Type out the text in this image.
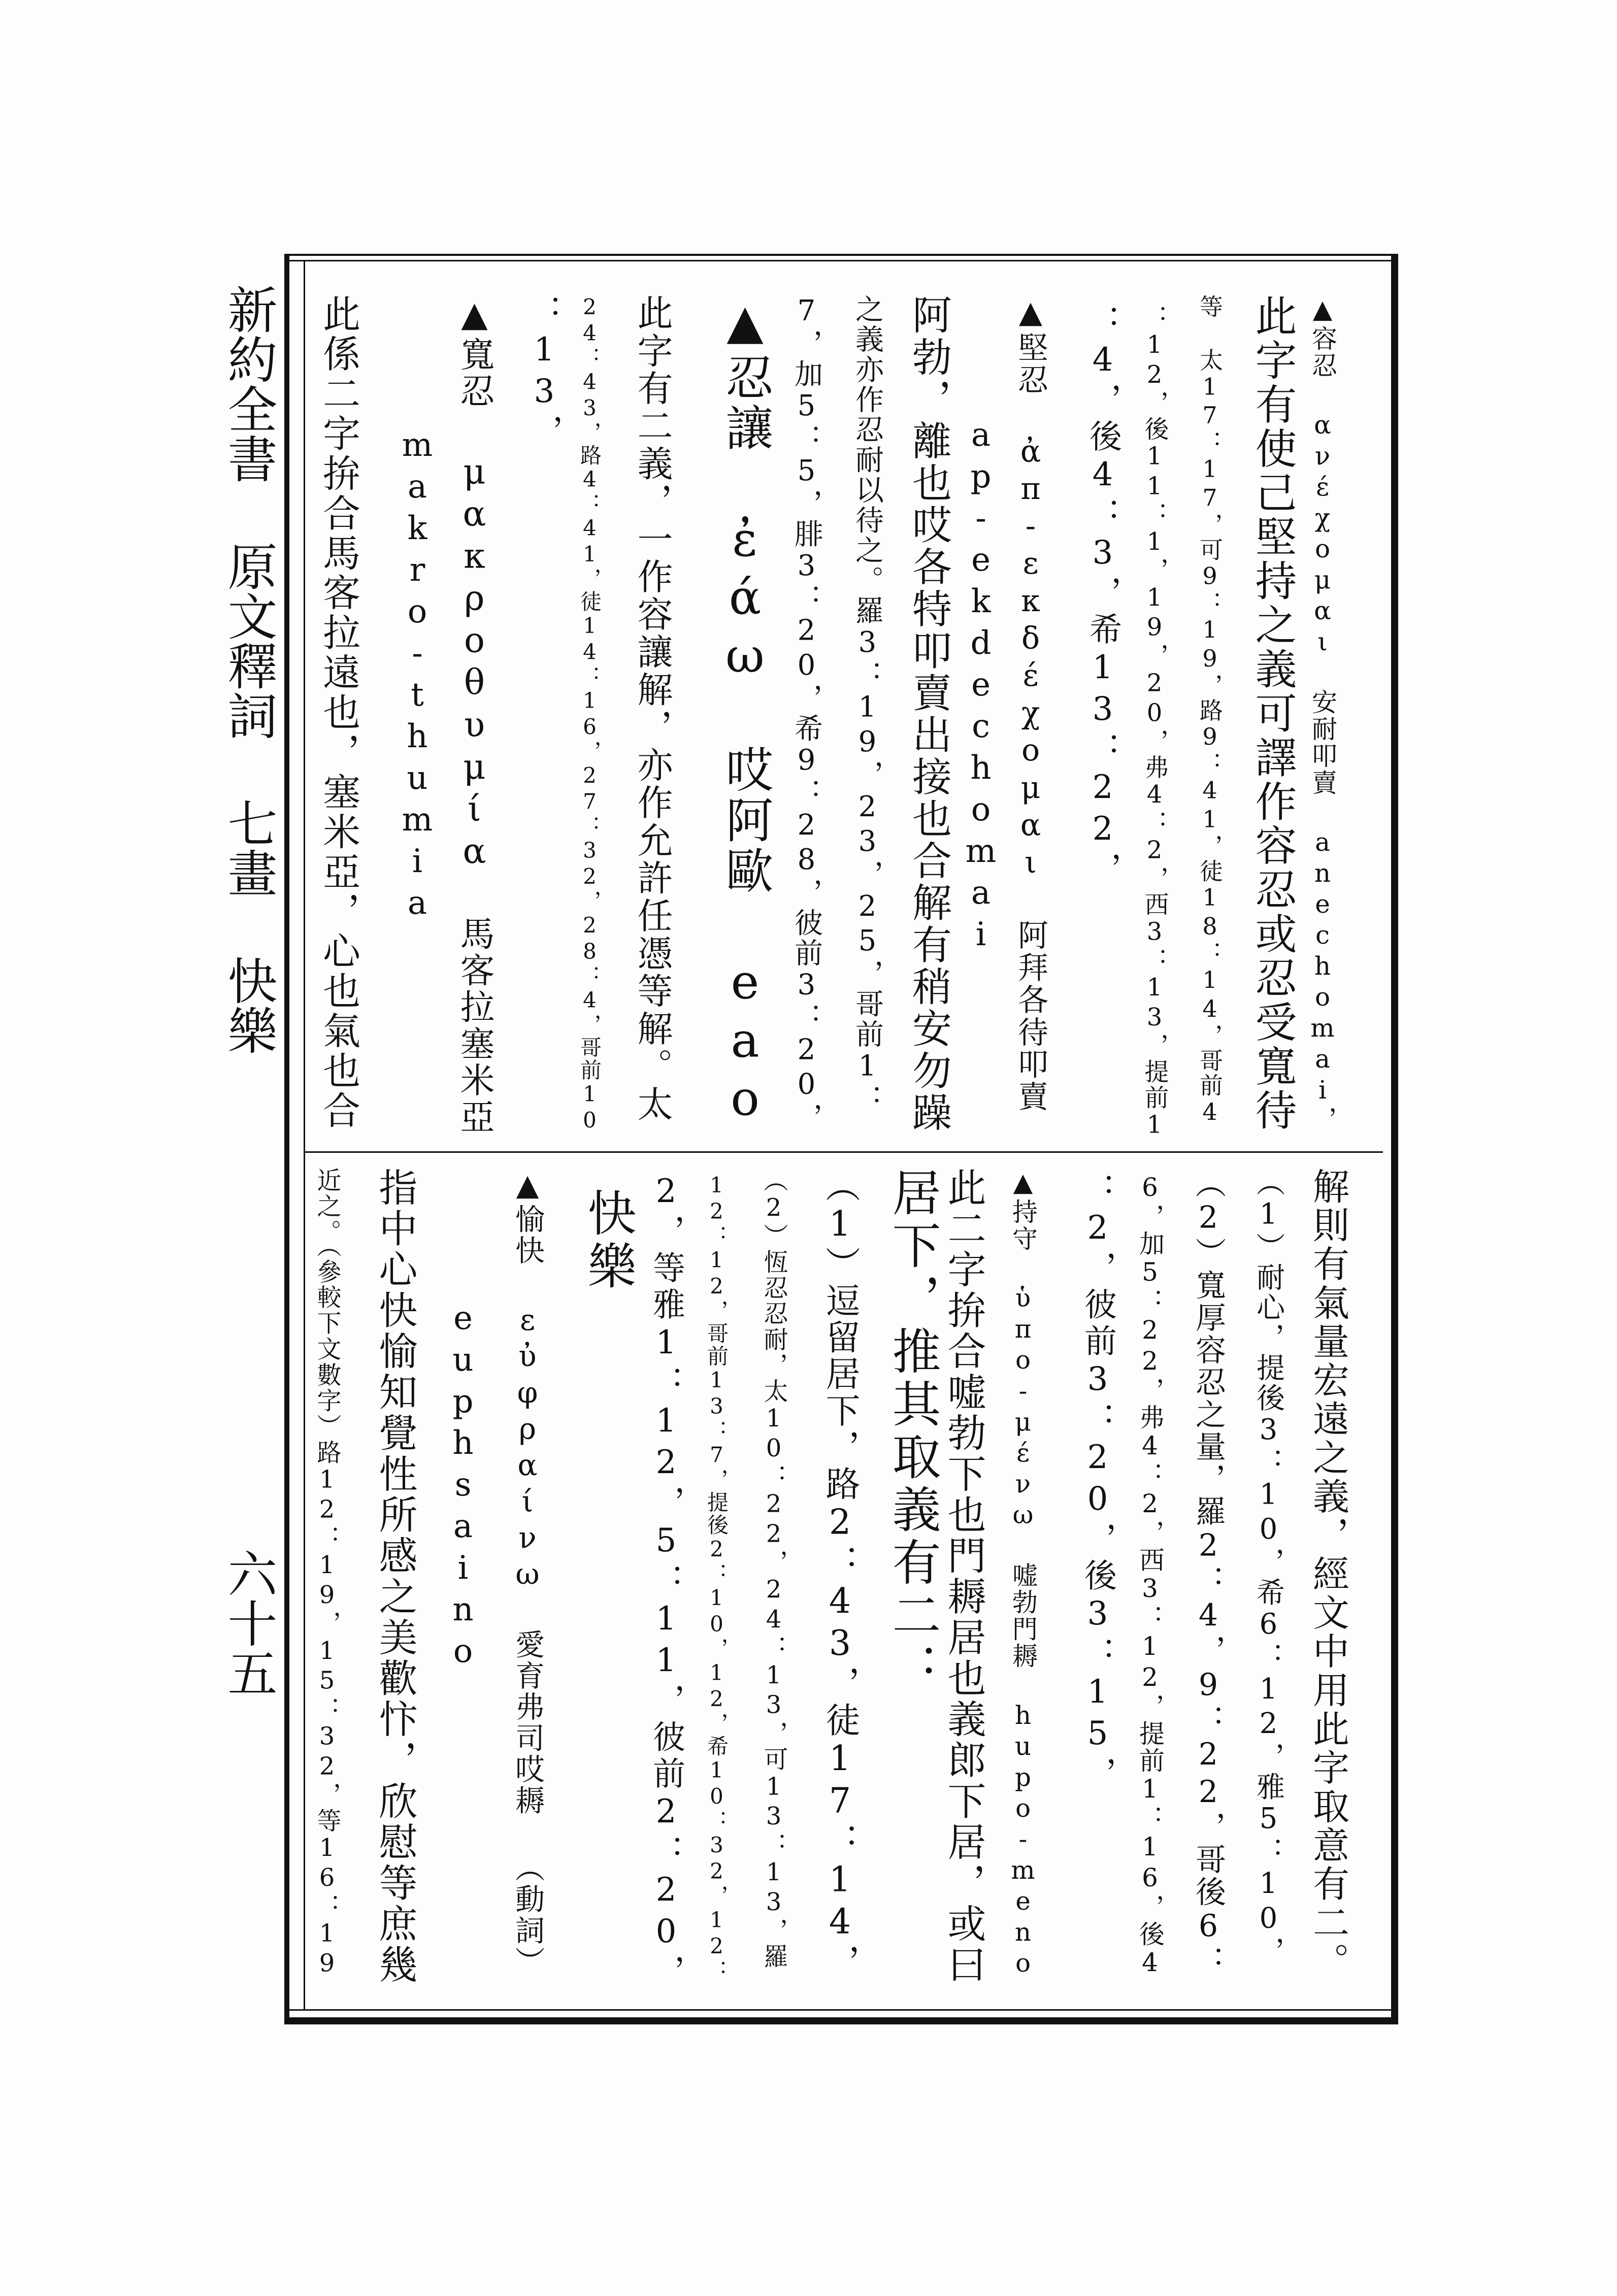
新約全書 原文釋詞 七畫 快樂
六十五
▲容忍 ανέχομαι 安耐叩賣 anechomai，
此字有使己堅持之義可譯作容忍或忍受寬待
等 太17：17，可9：19，路9：41，徒18：14，哥前4
：12，後11：1，19，20，弗4：2，西3：13，提前1
：4，後4：3，希13：22，
▲堅忍 ἀπ-εκδέχομαι 阿拜各待叩賣
ap-ekdechomai
阿勃，離也哎各特叩賣出接也合解有稍安勿躁
之義亦作忍耐以待之。羅3：19，23，25，哥前1：
7，加5：5，腓3：20，希9：28，彼前3：20，
▲忍讓 ἐάω 哎阿歐 eao
此字有二義，一作容讓解，亦作允許任憑等解。太
24：43，路4：41，徒14：16，27：32，28：4，哥前10
：13，
▲寬忍 μακροθυμία 馬客拉塞米亞
makro-thumia
此係二字拚合馬客拉遠也，塞米亞，心也氣也合
解則有氣量宏遠之義，經文中用此字取意有二。
（1）耐心，提後3：10，希6：12，雅5：10，
（2）寬厚容忍之量，羅2：4，9：22，哥後6：
6，加5：22，弗4：2，西3：12，提前1：16，後4
：2，彼前3：20，後3：15，
▲持守 ὑπο-μένω 嘘勃門耨 hupo-meno
此二字拚合嘘勃下也門耨居也義郎下居，或曰
居下，推其取義有二：
（1）逗留居下，路2：43，徒17：14，
（2）恆忍忍耐，太10：22，24：13，可13：13，羅
12：12，哥前13：7，提後2：10，12，希10：32，12：
2，等雅1：12，5：11，彼前2：20，
快樂
▲愉快 εὐφραίνω 愛育弗司哎耨 （動詞）
euphsaino
指中心快愉知覺性所感之美歡忭，欣慰等庶幾
近之。（參較下文數字）路12：19，15：32，等16：19
